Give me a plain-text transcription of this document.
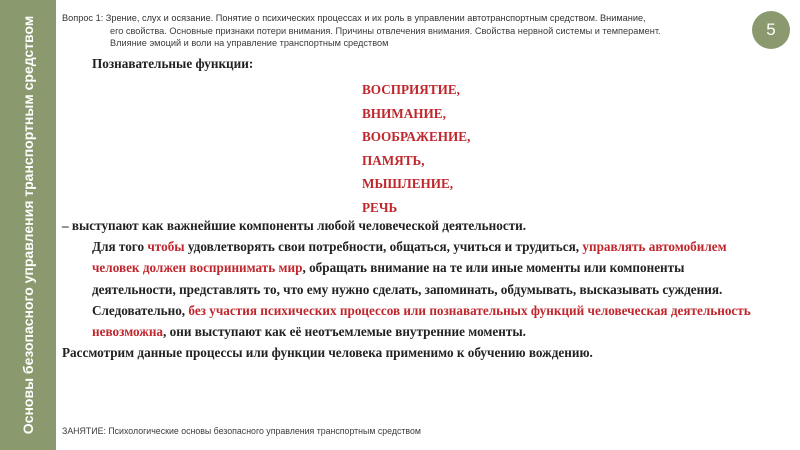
Основы безопасного управления транспортным средством	Вопрос 1: Зрение, слух и осязание. Понятие о психических процессах и их роль в управлении автотранспортным средством. Внимание,
его свойства. Основные признаки потери внимания. Причины отвлечения внимания. Свойства нервной системы и темперамент.
Влияние эмоций и воли на управление транспортным средством
5
Познавательные функции:
ВОСПРИЯТИЕ,
ВНИМАНИЕ,
ВООБРАЖЕНИЕ,
ПАМЯТЬ,
МЫШЛЕНИЕ,
РЕЧЬ

– выступают как важнейшие компоненты любой человеческой деятельности.

Для того чтобы удовлетворять свои потребности, общаться, учиться и трудиться, управлять автомобилем человек должен воспринимать мир, обращать внимание на те или иные моменты или компоненты деятельности, представлять то, что ему нужно сделать, запоминать, обдумывать, высказывать суждения. Следовательно, без участия психических процессов или познавательных функций человеческая деятельность невозможна, они выступают как её неотъемлемые внутренние моменты.

Рассмотрим данные процессы или функции человека применимо к обучению вождению.

ЗАНЯТИЕ: Психологические основы безопасного управления транспортным средством
